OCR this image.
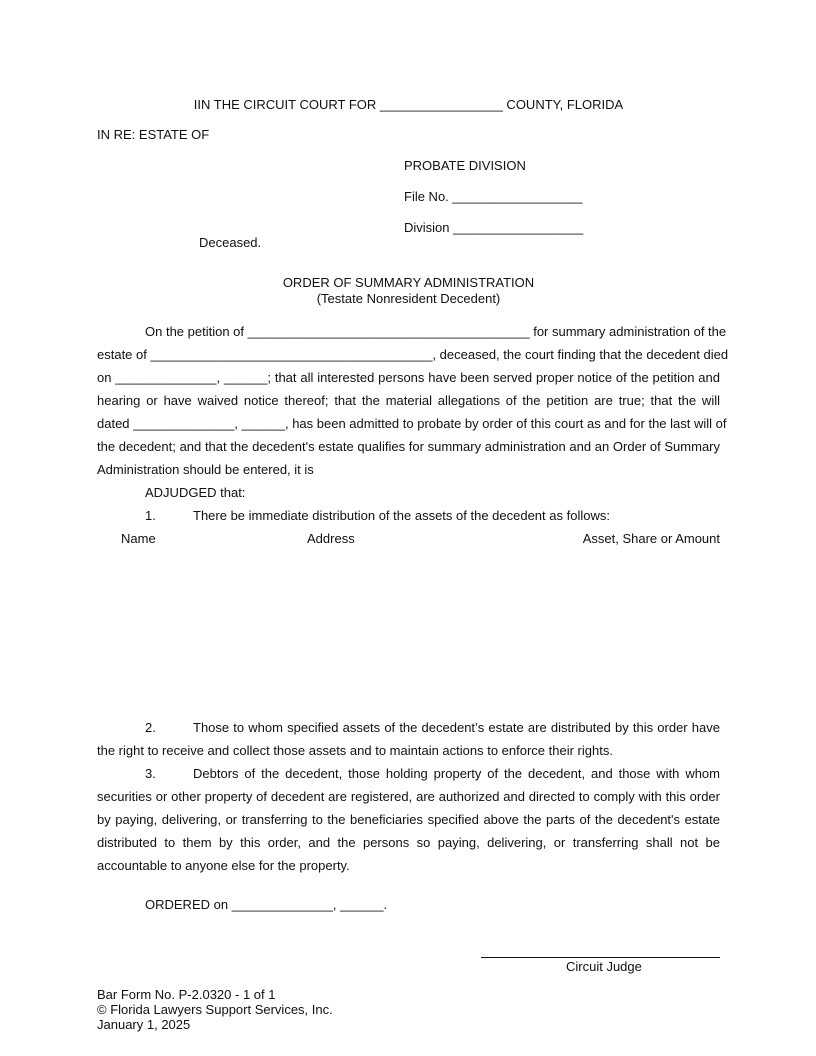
IIN THE CIRCUIT COURT FOR _________________ COUNTY, FLORIDA
IN RE: ESTATE OF
PROBATE DIVISION
File No. __________________
Division __________________
Deceased.
ORDER OF SUMMARY ADMINISTRATION
(Testate Nonresident Decedent)
On the petition of _______________________________________ for summary administration of the
estate of _______________________________________, deceased, the court finding that the decedent died
on ______________, ______; that all interested persons have been served proper notice of the petition and
hearing or have waived notice thereof; that the material allegations of the petition are true; that the will
dated ______________, ______, has been admitted to probate by order of this court as and for the last will of
the decedent; and that the decedent's estate qualifies for summary administration and an Order of Summary
Administration should be entered, it is
ADJUDGED that:
1.	There be immediate distribution of the assets of the decedent as follows:
Name	Address	Asset, Share or Amount
2.	Those to whom specified assets of the decedent’s estate are distributed by this order have
the right to receive and collect those assets and to maintain actions to enforce their rights.
3.	Debtors of the decedent, those holding property of the decedent, and those with whom
securities or other property of decedent are registered, are authorized and directed to comply with this order
by paying, delivering, or transferring to the beneficiaries specified above the parts of the decedent's estate
distributed to them by this order, and the persons so paying, delivering, or transferring shall not be
accountable to anyone else for the property.
ORDERED on ______________, ______.
Circuit Judge
Bar Form No. P-2.0320 - 1 of 1
© Florida Lawyers Support Services, Inc.
January 1, 2025
